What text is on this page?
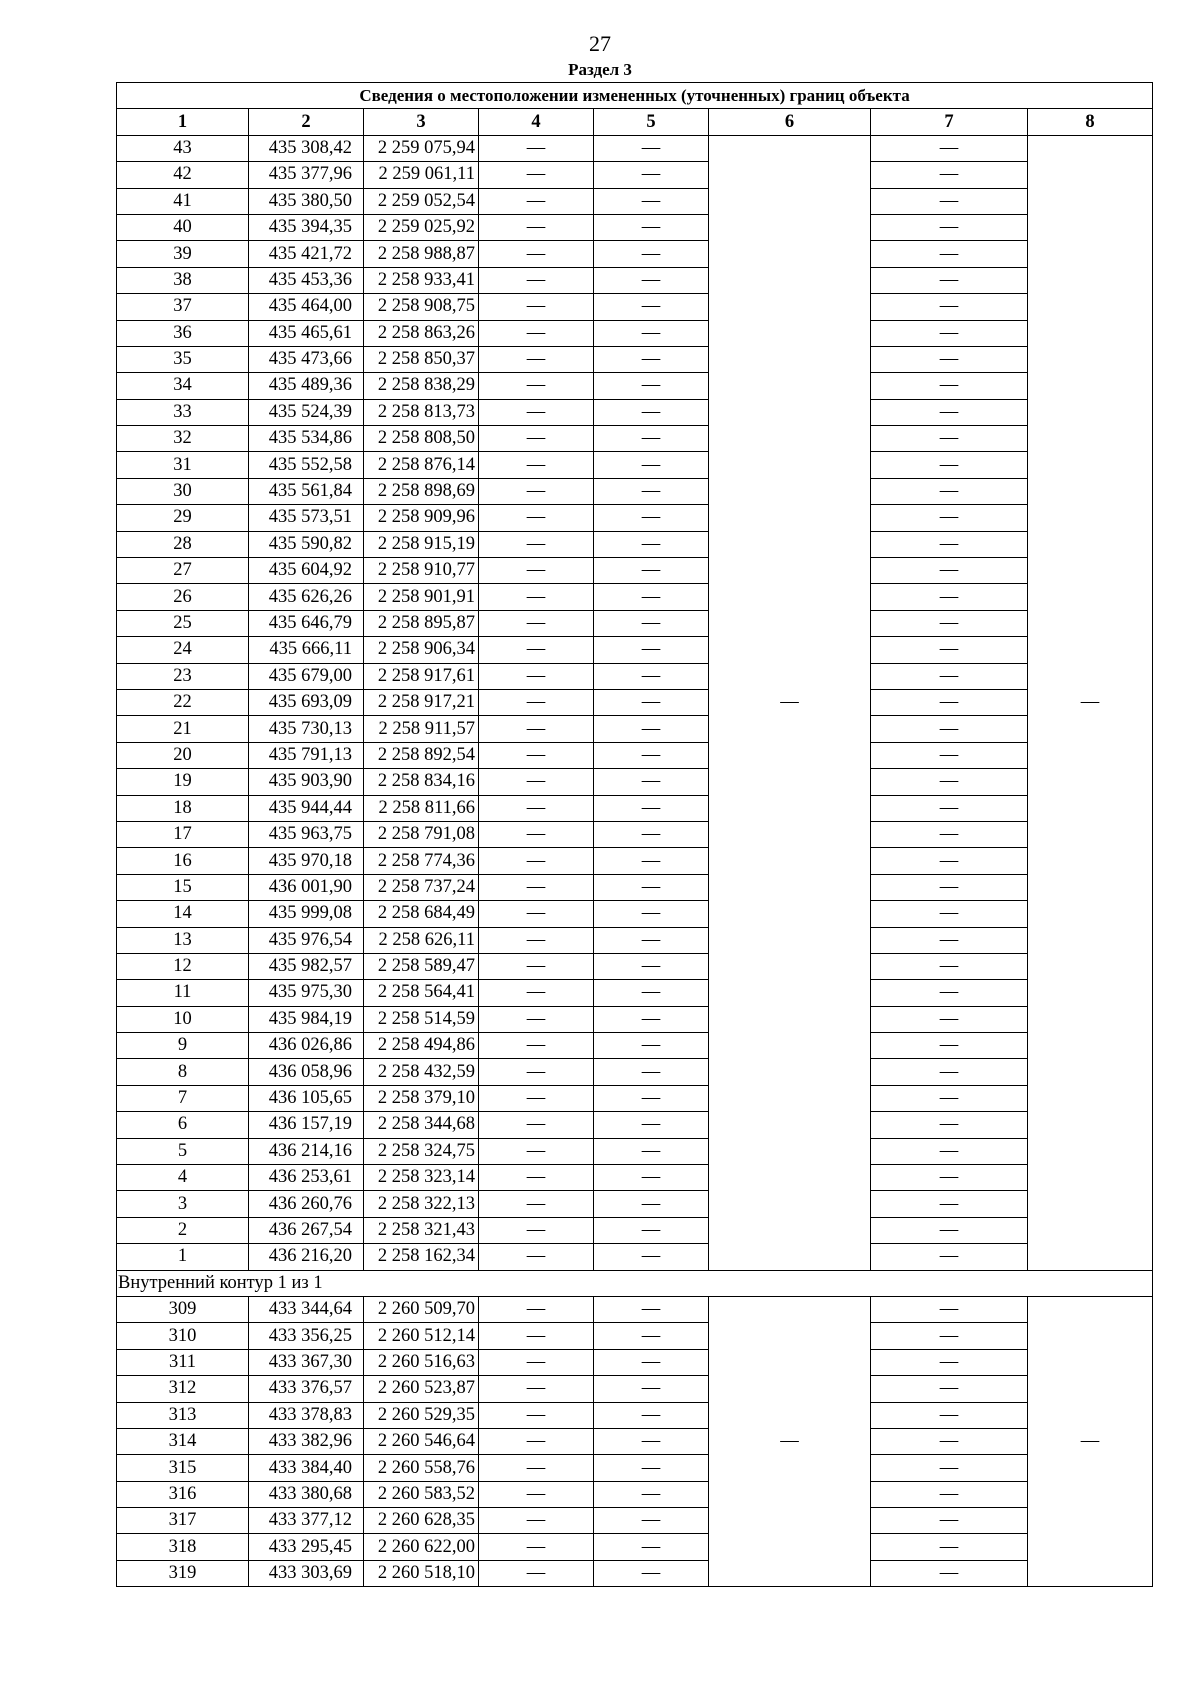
27
Раздел 3
Сведения о местоположении измененных (уточненных) границ объекта							
1	2	3	4	5	6	7	8
43	435 308,42	2 259 075,94	—	—	—	—	—
42	435 377,96	2 259 061,11	—	—		—	
41	435 380,50	2 259 052,54	—	—		—	
40	435 394,35	2 259 025,92	—	—		—	
39	435 421,72	2 258 988,87	—	—		—	
38	435 453,36	2 258 933,41	—	—		—	
37	435 464,00	2 258 908,75	—	—		—	
36	435 465,61	2 258 863,26	—	—		—	
35	435 473,66	2 258 850,37	—	—		—	
34	435 489,36	2 258 838,29	—	—		—	
33	435 524,39	2 258 813,73	—	—		—	
32	435 534,86	2 258 808,50	—	—		—	
31	435 552,58	2 258 876,14	—	—		—	
30	435 561,84	2 258 898,69	—	—		—	
29	435 573,51	2 258 909,96	—	—		—	
28	435 590,82	2 258 915,19	—	—		—	
27	435 604,92	2 258 910,77	—	—		—	
26	435 626,26	2 258 901,91	—	—		—	
25	435 646,79	2 258 895,87	—	—		—	
24	435 666,11	2 258 906,34	—	—		—	
23	435 679,00	2 258 917,61	—	—		—	
22	435 693,09	2 258 917,21	—	—		—	
21	435 730,13	2 258 911,57	—	—		—	
20	435 791,13	2 258 892,54	—	—		—	
19	435 903,90	2 258 834,16	—	—		—	
18	435 944,44	2 258 811,66	—	—		—	
17	435 963,75	2 258 791,08	—	—		—	
16	435 970,18	2 258 774,36	—	—		—	
15	436 001,90	2 258 737,24	—	—		—	
14	435 999,08	2 258 684,49	—	—		—	
13	435 976,54	2 258 626,11	—	—		—	
12	435 982,57	2 258 589,47	—	—		—	
11	435 975,30	2 258 564,41	—	—		—	
10	435 984,19	2 258 514,59	—	—		—	
9	436 026,86	2 258 494,86	—	—		—	
8	436 058,96	2 258 432,59	—	—		—	
7	436 105,65	2 258 379,10	—	—		—	
6	436 157,19	2 258 344,68	—	—		—	
5	436 214,16	2 258 324,75	—	—		—	
4	436 253,61	2 258 323,14	—	—		—	
3	436 260,76	2 258 322,13	—	—		—	
2	436 267,54	2 258 321,43	—	—		—	
1	436 216,20	2 258 162,34	—	—		—	
Внутренний контур 1 из 1							
309	433 344,64	2 260 509,70	—	—	—	—	—
310	433 356,25	2 260 512,14	—	—		—	
311	433 367,30	2 260 516,63	—	—		—	
312	433 376,57	2 260 523,87	—	—		—	
313	433 378,83	2 260 529,35	—	—		—	
314	433 382,96	2 260 546,64	—	—		—	
315	433 384,40	2 260 558,76	—	—		—	
316	433 380,68	2 260 583,52	—	—		—	
317	433 377,12	2 260 628,35	—	—		—	
318	433 295,45	2 260 622,00	—	—		—	
319	433 303,69	2 260 518,10	—	—		—	
